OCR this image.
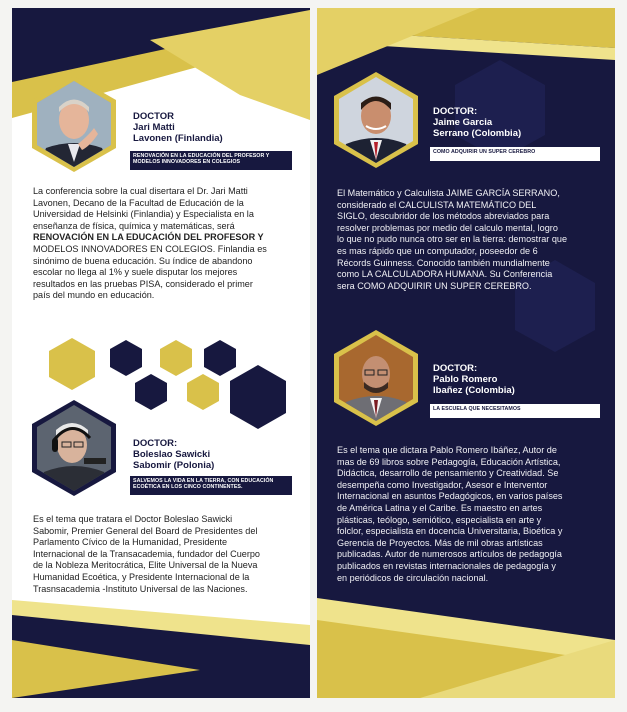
DOCTOR
Jari Matti
Lavonen (Finlandia)
RENOVACIÓN EN LA EDUCACIÓN DEL PROFESOR Y
MODELOS INNOVADORES EN COLEGIOS
La conferencia sobre la cual disertara el Dr. Jari Matti
Lavonen, Decano de la Facultad de Educación de la
Universidad de Helsinki (Finlandia) y Especialista en la
enseñanza de física, química y matemáticas, será
RENOVACIÓN EN LA EDUCACIÓN DEL PROFESOR Y
MODELOS INNOVADORES EN COLEGIOS. Finlandia es
sinónimo de buena educación. Su índice de abandono
escolar no llega al 1% y suele disputar los mejores
resultados en las pruebas PISA, considerado el primer
país del mundo en educación.
DOCTOR:
Boleslao Sawicki
Sabomir (Polonia)
SALVEMOS LA VIDA EN LA TIERRA, CON EDUCACIÓN
ECOÉTICA EN LOS CINCO CONTINENTES.
Es el tema que tratara el Doctor Boleslao Sawicki
Sabomir, Premier General del Board de Presidentes del
Parlamento Cívico de la Humanidad, Presidente
Internacional de la Transacademia, fundador del Cuerpo
de la Nobleza Meritocrática, Elite Universal de la Nueva
Humanidad Ecoética, y Presidente Internacional de la
Trasnsacademia -Instituto Universal de las Naciones.
DOCTOR:
Jaime Garcia
Serrano (Colombia)
COMO ADQUIRIR UN SUPER CEREBRO
El Matemático y Calculista JAIME GARCÍA SERRANO,
considerado el CALCULISTA MATEMÁTICO DEL
SIGLO, descubridor de los métodos abreviados para
resolver problemas por medio del calculo mental, logro
lo que no pudo nunca otro ser en la tierra: demostrar que
es mas rápido que un computador, poseedor de 6
Récords Guinness. Conocido también mundialmente
como LA CALCULADORA HUMANA. Su Conferencia
sera COMO ADQUIRIR UN SUPER CEREBRO.
DOCTOR:
Pablo Romero
Ibañez (Colombia)
LA ESCUELA QUE NECESITAMOS
Es el tema que dictara Pablo Romero Ibáñez, Autor de
mas de 69 libros sobre Pedagogía, Educación Artística,
Didáctica, desarrollo de pensamiento y Creatividad. Se
desempeña como Investigador, Asesor e Interventor
Internacional en asuntos Pedagógicos, en varios países
de América Latina y el Caribe. Es maestro en artes
plásticas, teólogo, semiótico, especialista en arte y
folclor, especialista en docencia Universitaria, Bioética y
Gerencia de Proyectos. Más de mil obras artísticas
publicadas. Autor de numerosos artículos de pedagogía
publicados en revistas internacionales de pedagogía y
en periódicos de circulación nacional.
